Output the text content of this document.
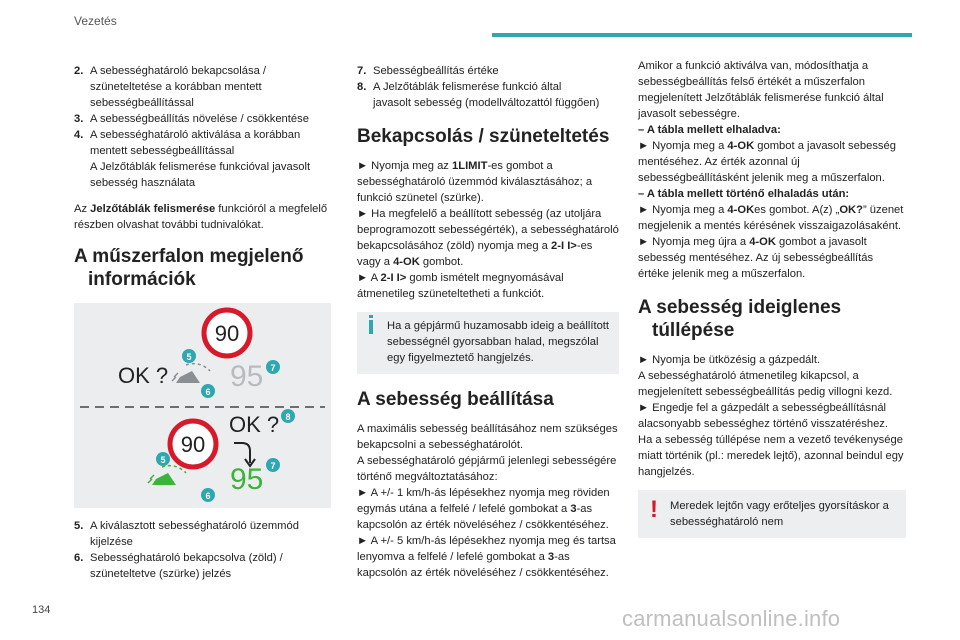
Vezetés
2. A sebességhatároló bekapcsolása /
szüneteltetése a korábban mentett
sebességbeállítással
3. A sebességbeállítás növelése / csökkentése
4. A sebességhatároló aktiválása a korábban
mentett sebességbeállítással
A Jelzőtáblák felismerése funkcióval javasolt
sebesség használata

Az Jelzőtáblák felismerése funkcióról a megfelelő részben olvashat további tudnivalókat.

A műszerfalon megjelenő információk
90
OK ? 95
5
6
7
90
OK ?
95
5
6
7
8
5. A kiválasztott sebességhatároló üzemmód
kijelzése
6. Sebességhatároló bekapcsolva (zöld) /
szüneteltetve (szürke) jelzés
7. Sebességbeállítás értéke
8. A Jelzőtáblák felismerése funkció által
javasolt sebesség (modellváltozattól függően)
Bekapcsolás / szüneteltetés

► Nyomja meg az 1LIMIT-es gombot a sebességhatároló üzemmód kiválasztásához; a funkció szünetel (szürke).

► Ha megfelelő a beállított sebesség (az utoljára beprogramozott sebességérték), a sebességhatároló bekapcsolásához (zöld) nyomja meg a 2-I I>-es vagy a 4-OK gombot.

► A 2-I I> gomb ismételt megnyomásával átmenetileg szüneteltetheti a funkciót.

Ha a gépjármű huzamosabb ideig a beállított sebességnél gyorsabban halad, megszólal egy figyelmeztető hangjelzés.
A sebesség beállítása

A maximális sebesség beállításához nem szükséges bekapcsolni a sebességhatárolót.

A sebességhatároló gépjármű jelenlegi sebességére történő megváltoztatásához:

► A +/- 1 km/h-ás lépésekhez nyomja meg röviden egymás utána a felfelé / lefelé gombokat a 3-as kapcsolón az érték növeléséhez / csökkentéséhez.

► A +/- 5 km/h-ás lépésekhez nyomja meg és tartsa lenyomva a felfelé / lefelé gombokat a 3-as kapcsolón az érték növeléséhez / csökkentéséhez.

Amikor a funkció aktiválva van, módosíthatja a sebességbeállítás felső értékét a műszerfalon megjelenített Jelzőtáblák felismerése funkció által javasolt sebességre.

– A tábla mellett elhaladva:

► Nyomja meg a 4-OK gombot a javasolt sebesség mentéséhez. Az érték azonnal új sebességbeállításként jelenik meg a műszerfalon.

– A tábla mellett történő elhaladás után:

► Nyomja meg a 4-OKes gombot. A(z) „OK?” üzenet megjelenik a mentés kérésének visszaigazolásaként.

► Nyomja meg újra a 4-OK gombot a javasolt sebesség mentéséhez. Az új sebességbeállítás értéke jelenik meg a műszerfalon.

A sebesség ideiglenes túllépése

► Nyomja be ütközésig a gázpedált.

A sebességhatároló átmenetileg kikapcsol, a megjelenített sebességbeállítás pedig villogni kezd.

► Engedje fel a gázpedált a sebességbeállításnál alacsonyabb sebességhez történő visszatéréshez.

Ha a sebesség túllépése nem a vezető tevékenysége miatt történik (pl.: meredek lejtő), azonnal beindul egy hangjelzés.

!	Meredek lejtőn vagy erőteljes gyorsításkor a sebességhatároló nem
134	carmanualsonline.info
